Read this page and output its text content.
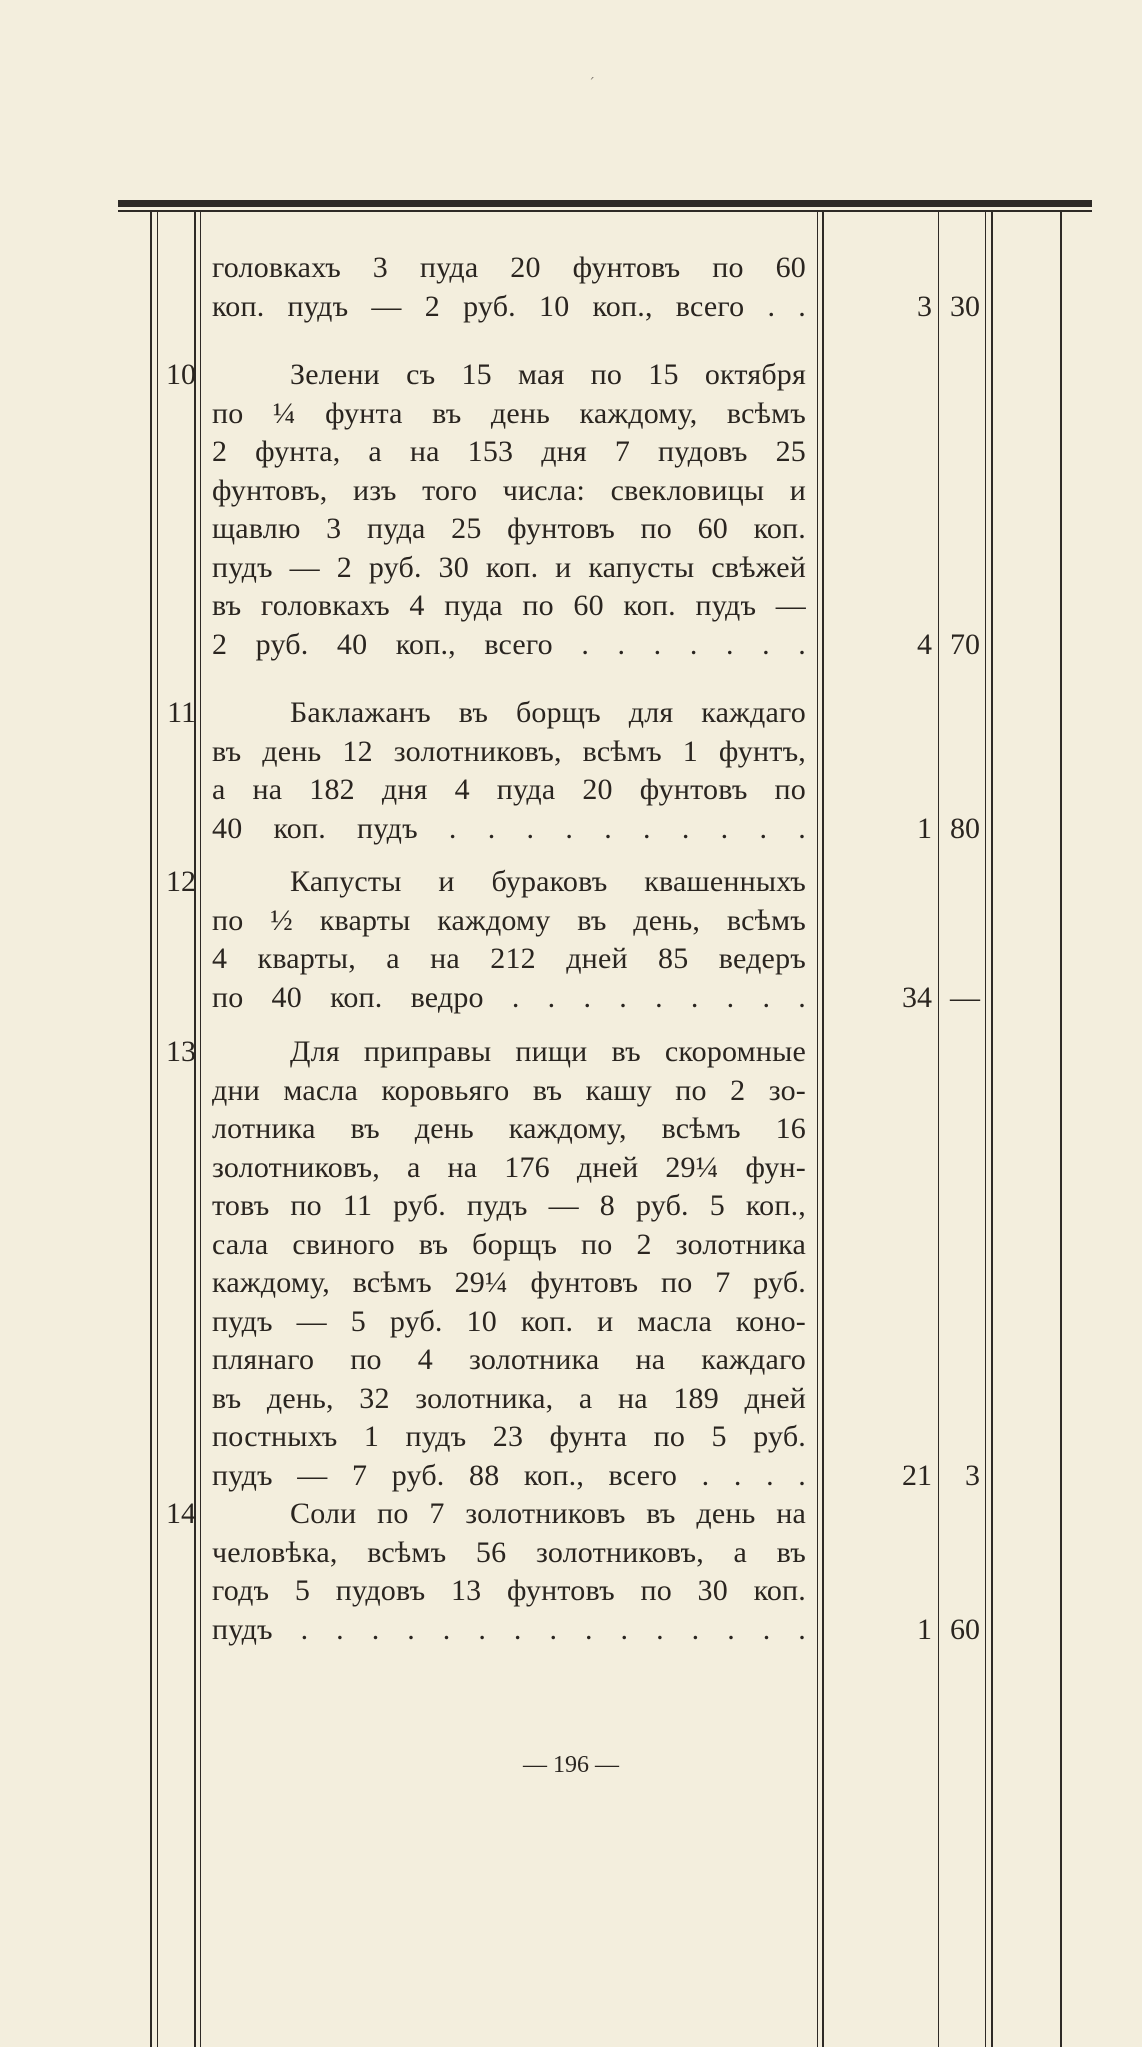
ˊ
головкахъ 3 пуда 20 фунтовъ по 60
коп. пудъ — 2 руб. 10 коп., всего . .	3 30
10	Зелени съ 15 мая по 15 октября
по ¼ фунта въ день каждому, всѣмъ
2 фунта, а на 153 дня 7 пудовъ 25
фунтовъ, изъ того числа: свекловицы и
щавлю 3 пуда 25 фунтовъ по 60 коп.
пудъ — 2 руб. 30 коп. и капусты свѣжей
въ головкахъ 4 пуда по 60 коп. пудъ —
2 руб. 40 коп., всего . . . . . . .	4 70
11	Баклажанъ въ борщъ для каждаго
въ день 12 золотниковъ, всѣмъ 1 фунтъ,
а на 182 дня 4 пуда 20 фунтовъ по
40 коп. пудъ . . . . . . . . . .	1 80
12	Капусты и бураковъ квашенныхъ
по ½ кварты каждому въ день, всѣмъ
4 кварты, а на 212 дней 85 ведеръ
по 40 коп. ведро . . . . . . . . .	34 —
13	Для приправы пищи въ скоромные
дни масла коровьяго въ кашу по 2 зо-
лотника въ день каждому, всѣмъ 16
золотниковъ, а на 176 дней 29¼ фун-
товъ по 11 руб. пудъ — 8 руб. 5 коп.,
сала свиного въ борщъ по 2 золотника
каждому, всѣмъ 29¼ фунтовъ по 7 руб.
пудъ — 5 руб. 10 коп. и масла коно-
плянаго по 4 золотника на каждаго
въ день, 32 золотника, а на 189 дней
постныхъ 1 пудъ 23 фунта по 5 руб.
пудъ — 7 руб. 88 коп., всего . . . .	21	3
14	Соли по 7 золотниковъ въ день на
человѣка, всѣмъ 56 золотниковъ, а въ
годъ 5 пудовъ 13 фунтовъ по 30 коп.
пудъ . . . . . . . . . . . . . . .	1 60
— 196 —
